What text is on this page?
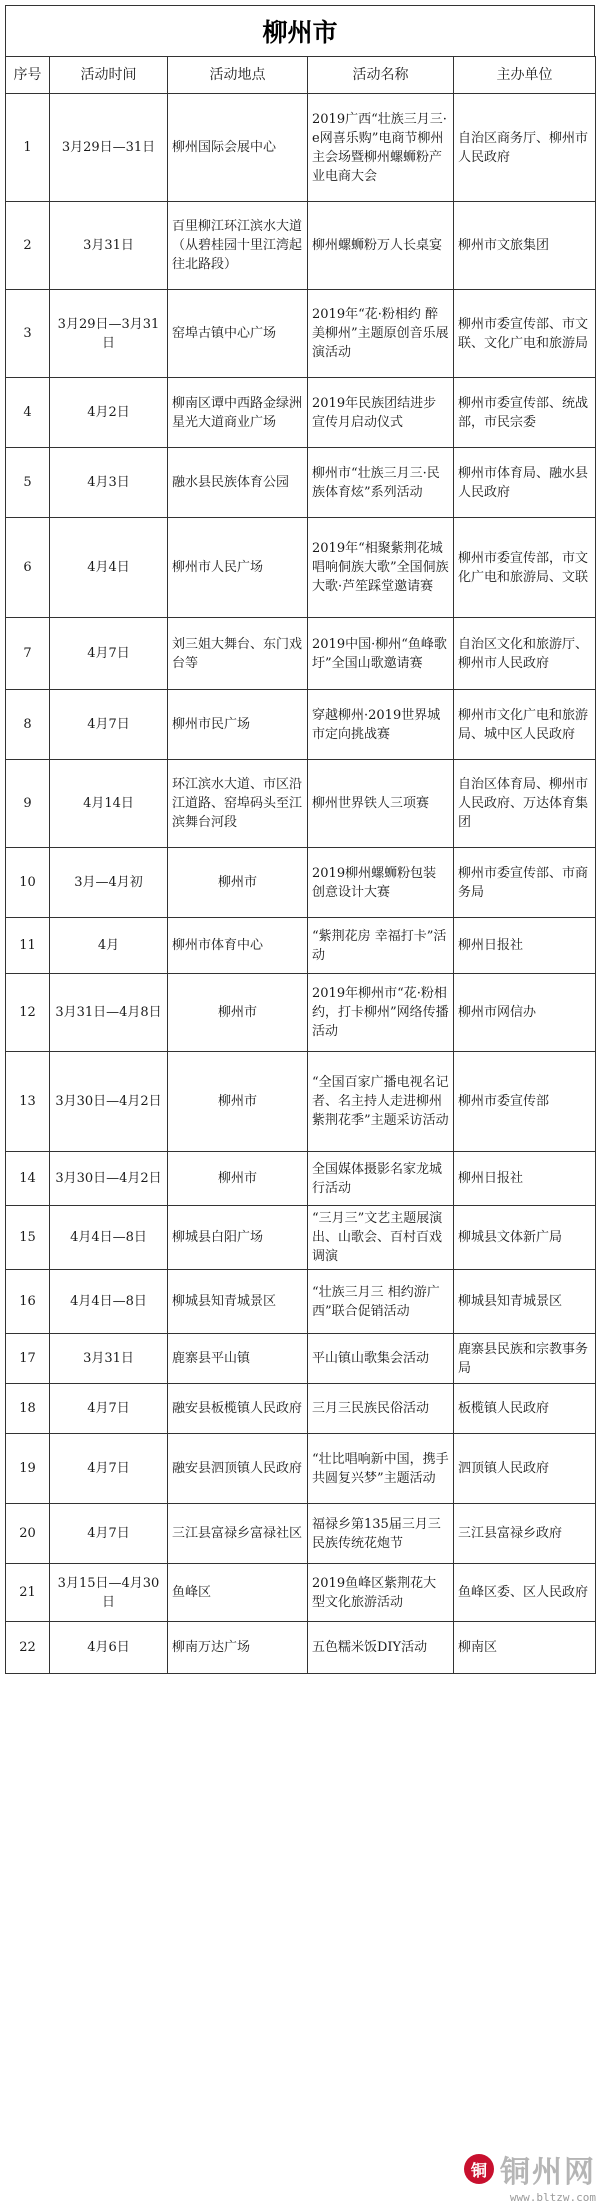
柳州市
序号	活动时间	活动地点	活动名称	主办单位
1	3月29日—31日	柳州国际会展中心	2019广西“壮族三月三·e网喜乐购”电商节柳州主会场暨柳州螺蛳粉产业电商大会	自治区商务厅、柳州市人民政府
2	3月31日	百里柳江环江滨水大道（从碧桂园十里江湾起往北路段）	柳州螺蛳粉万人长桌宴	柳州市文旅集团
3	3月29日—3月31日	窑埠古镇中心广场	2019年“花·粉相约 醉美柳州”主题原创音乐展演活动	柳州市委宣传部、市文联、文化广电和旅游局
4	4月2日	柳南区谭中西路金绿洲星光大道商业广场	2019年民族团结进步宣传月启动仪式	柳州市委宣传部、统战部，市民宗委
5	4月3日	融水县民族体育公园	柳州市“壮族三月三·民族体育炫”系列活动	柳州市体育局、融水县人民政府
6	4月4日	柳州市人民广场	2019年“相聚紫荆花城 唱响侗族大歌”全国侗族大歌·芦笙踩堂邀请赛	柳州市委宣传部，市文化广电和旅游局、文联
7	4月7日	刘三姐大舞台、东门戏台等	2019中国·柳州“鱼峰歌圩”全国山歌邀请赛	自治区文化和旅游厅、柳州市人民政府
8	4月7日	柳州市民广场	穿越柳州·2019世界城市定向挑战赛	柳州市文化广电和旅游局、城中区人民政府
9	4月14日	环江滨水大道、市区沿江道路、窑埠码头至江滨舞台河段	柳州世界铁人三项赛	自治区体育局、柳州市人民政府、万达体育集团
10	3月—4月初	柳州市	2019柳州螺蛳粉包装创意设计大赛	柳州市委宣传部、市商务局
11	4月	柳州市体育中心	“紫荆花房 幸福打卡”活动	柳州日报社
12	3月31日—4月8日	柳州市	2019年柳州市“花·粉相约，打卡柳州”网络传播活动	柳州市网信办
13	3月30日—4月2日	柳州市	“全国百家广播电视名记者、名主持人走进柳州紫荆花季”主题采访活动	柳州市委宣传部
14	3月30日—4月2日	柳州市	全国媒体摄影名家龙城行活动	柳州日报社
15	4月4日—8日	柳城县白阳广场	“三月三”文艺主题展演出、山歌会、百村百戏调演	柳城县文体新广局
16	4月4日—8日	柳城县知青城景区	“壮族三月三 相约游广西”联合促销活动	柳城县知青城景区
17	3月31日	鹿寨县平山镇	平山镇山歌集会活动	鹿寨县民族和宗教事务局
18	4月7日	融安县板榄镇人民政府	三月三民族民俗活动	板榄镇人民政府
19	4月7日	融安县泗顶镇人民政府	“壮比唱响新中国，携手共圆复兴梦”主题活动	泗顶镇人民政府
20	4月7日	三江县富禄乡富禄社区	福禄乡第135届三月三民族传统花炮节	三江县富禄乡政府
21	3月15日—4月30日	鱼峰区	2019鱼峰区紫荆花大型文化旅游活动	鱼峰区委、区人民政府
22	4月6日	柳南万达广场	五色糯米饭DIY活动	柳南区
铜 铜州网
www.bltzw.com
